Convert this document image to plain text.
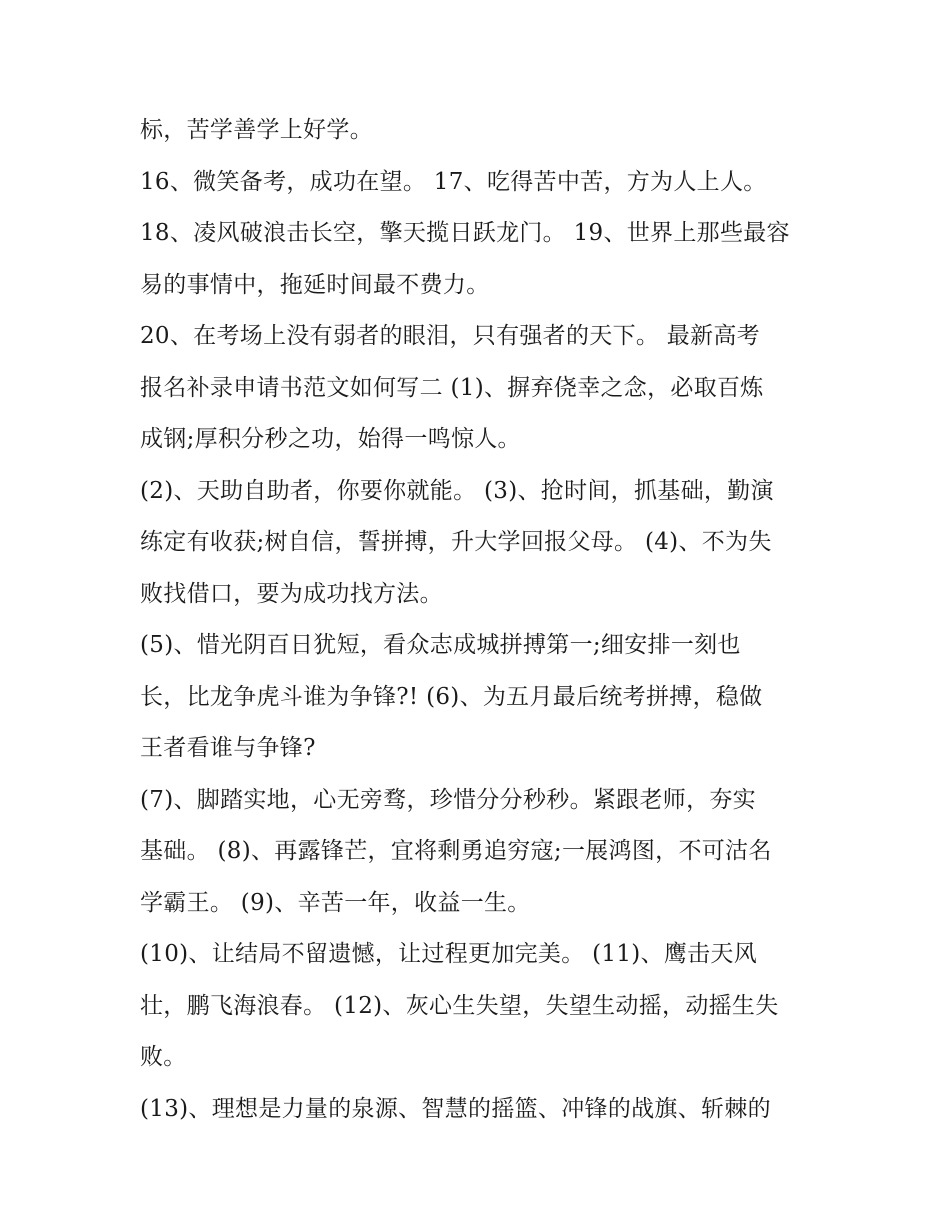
标，苦学善学上好学。
16、微笑备考，成功在望。 17、吃得苦中苦，方为人上人。
18、凌风破浪击长空，擎天揽日跃龙门。 19、世界上那些最容
易的事情中，拖延时间最不费力。
20、在考场上没有弱者的眼泪，只有强者的天下。 最新高考
报名补录申请书范文如何写二 (1)、摒弃侥幸之念，必取百炼
成钢;厚积分秒之功，始得一鸣惊人。
(2)、天助自助者，你要你就能。 (3)、抢时间，抓基础，勤演
练定有收获;树自信，誓拼搏，升大学回报父母。 (4)、不为失
败找借口，要为成功找方法。
(5)、惜光阴百日犹短，看众志成城拼搏第一;细安排一刻也
长，比龙争虎斗谁为争锋?! (6)、为五月最后统考拼搏，稳做
王者看谁与争锋?
(7)、脚踏实地，心无旁骛，珍惜分分秒秒。紧跟老师，夯实
基础。 (8)、再露锋芒，宜将剩勇追穷寇;一展鸿图，不可沽名
学霸王。 (9)、辛苦一年，收益一生。
(10)、让结局不留遗憾，让过程更加完美。 (11)、鹰击天风
壮，鹏飞海浪春。 (12)、灰心生失望，失望生动摇，动摇生失
败。
(13)、理想是力量的泉源、智慧的摇篮、冲锋的战旗、斩棘的
